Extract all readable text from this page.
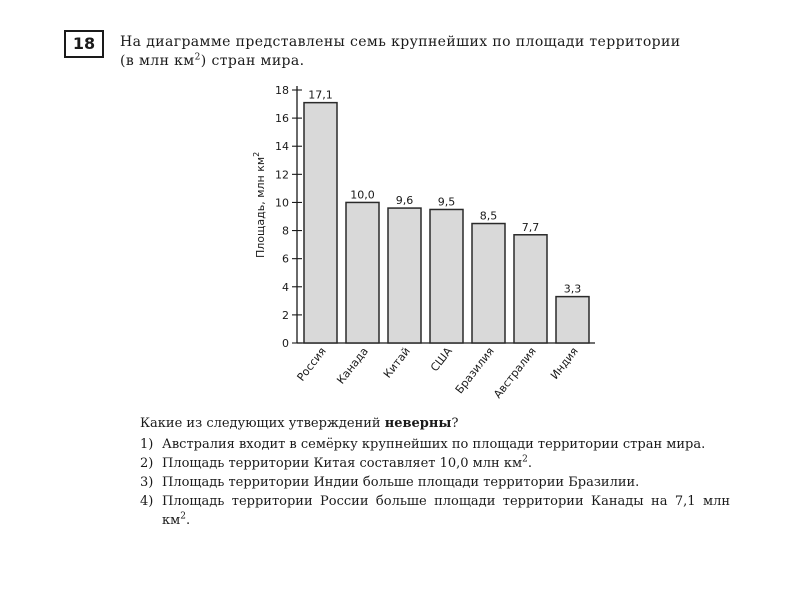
18	На диаграмме представлены семь крупнейших по площади территории

(в млн $км^2$) стран мира.

0
2
4
6
8
10
12
14
16
18 17,1
Россия
10,0
Канада
9,6
Китай
9,5
США
8,5
Бразилия
7,7
Австралия
3,3
Индия
Площадь, млн $км^2$

Какие из следующих утверждений неверны?

1) Австралия входит в семёрку крупнейших по площади территории стран мира.

2) Площадь территории Китая составляет 10,0 млн $км^2$.

3) Площадь территории Индии больше площади территории Бразилии.

4) Площадь территории России больше площади территории Канады на 7,1 млн $км^2$.
